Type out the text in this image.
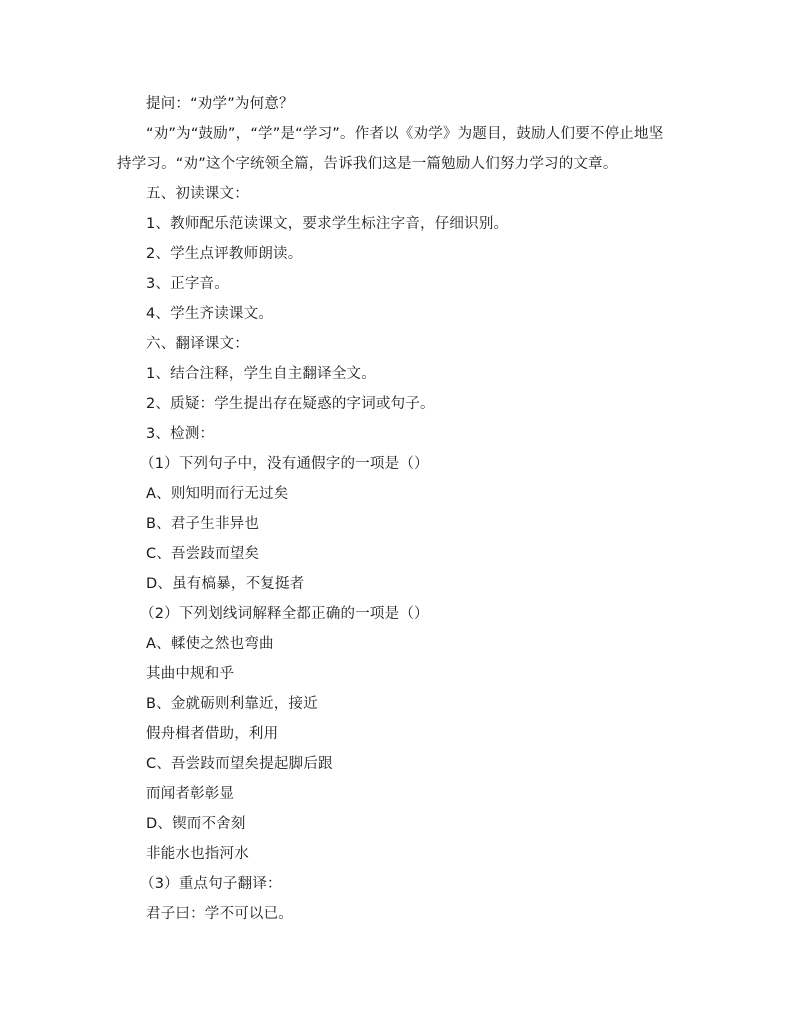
提问：“劝学”为何意？
“劝”为“鼓励”，“学”是“学习”。作者以《劝学》为题目，鼓励人们要不停止地坚
持学习。“劝”这个字统领全篇，告诉我们这是一篇勉励人们努力学习的文章。
五、初读课文：
1、教师配乐范读课文，要求学生标注字音，仔细识别。
2、学生点评教师朗读。
3、正字音。
4、学生齐读课文。
六、翻译课文：
1、结合注释，学生自主翻译全文。
2、质疑：学生提出存在疑惑的字词或句子。
3、检测：
（1）下列句子中，没有通假字的一项是（）
A、则知明而行无过矣
B、君子生非异也
C、吾尝跂而望矣
D、虽有槁暴，不复挺者
（2）下列划线词解释全都正确的一项是（）
A、輮使之然也弯曲
其曲中规和乎
B、金就砺则利靠近，接近
假舟楫者借助，利用
C、吾尝跂而望矣提起脚后跟
而闻者彰彰显
D、锲而不舍刻
非能水也指河水
（3）重点句子翻译：
君子曰：学不可以已。
